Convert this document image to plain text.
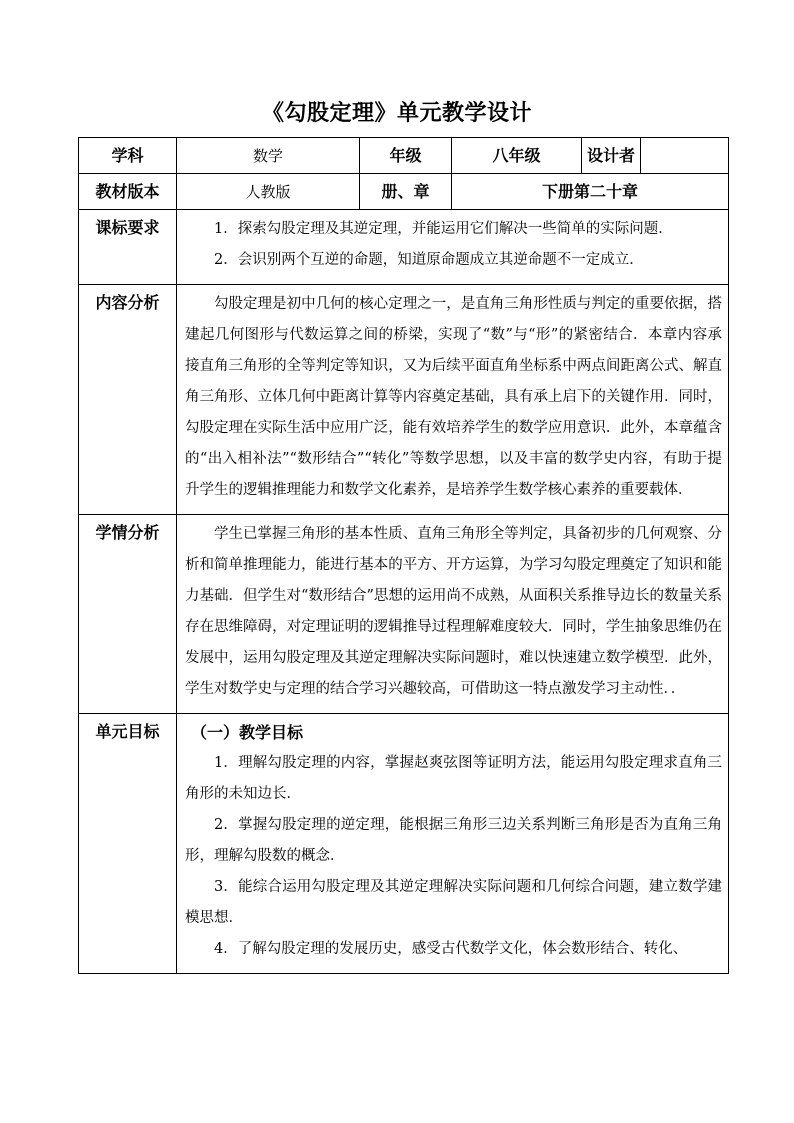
《勾股定理》单元教学设计
学科	数学	年级	八年级	设计者

教材版本	人教版	册、章	下册第二十章	

课标要求	1．探索勾股定理及其逆定理，并能运用它们解决一些简单的实际问题．

2．会识别两个互逆的命题，知道原命题成立其逆命题不一定成立．			

内容分析	勾股定理是初中几何的核心定理之一，是直角三角形性质与判定的重要依据，搭建起几何图形与代数运算之间的桥梁，实现了“数”与“形”的紧密结合．本章内容承接直角三角形的全等判定等知识，又为后续平面直角坐标系中两点间距离公式、解直角三角形、立体几何中距离计算等内容奠定基础，具有承上启下的关键作用．同时，勾股定理在实际生活中应用广泛，能有效培养学生的数学应用意识．此外，本章蕴含的“出入相补法”“数形结合”“转化”等数学思想，以及丰富的数学史内容，有助于提升学生的逻辑推理能力和数学文化素养，是培养学生数学核心素养的重要载体．			

学情分析	学生已掌握三角形的基本性质、直角三角形全等判定，具备初步的几何观察、分析和简单推理能力，能进行基本的平方、开方运算，为学习勾股定理奠定了知识和能力基础．但学生对“数形结合”思想的运用尚不成熟，从面积关系推导边长的数量关系存在思维障碍，对定理证明的逻辑推导过程理解难度较大．同时，学生抽象思维仍在发展中，运用勾股定理及其逆定理解决实际问题时，难以快速建立数学模型．此外，学生对数学史与定理的结合学习兴趣较高，可借助这一特点激发学习主动性．．			

单元目标	（一）教学目标

1．理解勾股定理的内容，掌握赵爽弦图等证明方法，能运用勾股定理求直角三角形的未知边长．

2．掌握勾股定理的逆定理，能根据三角形三边关系判断三角形是否为直角三角形，理解勾股数的概念．

3．能综合运用勾股定理及其逆定理解决实际问题和几何综合问题，建立数学建模思想．

4．了解勾股定理的发展历史，感受古代数学文化，体会数形结合、转化、			
